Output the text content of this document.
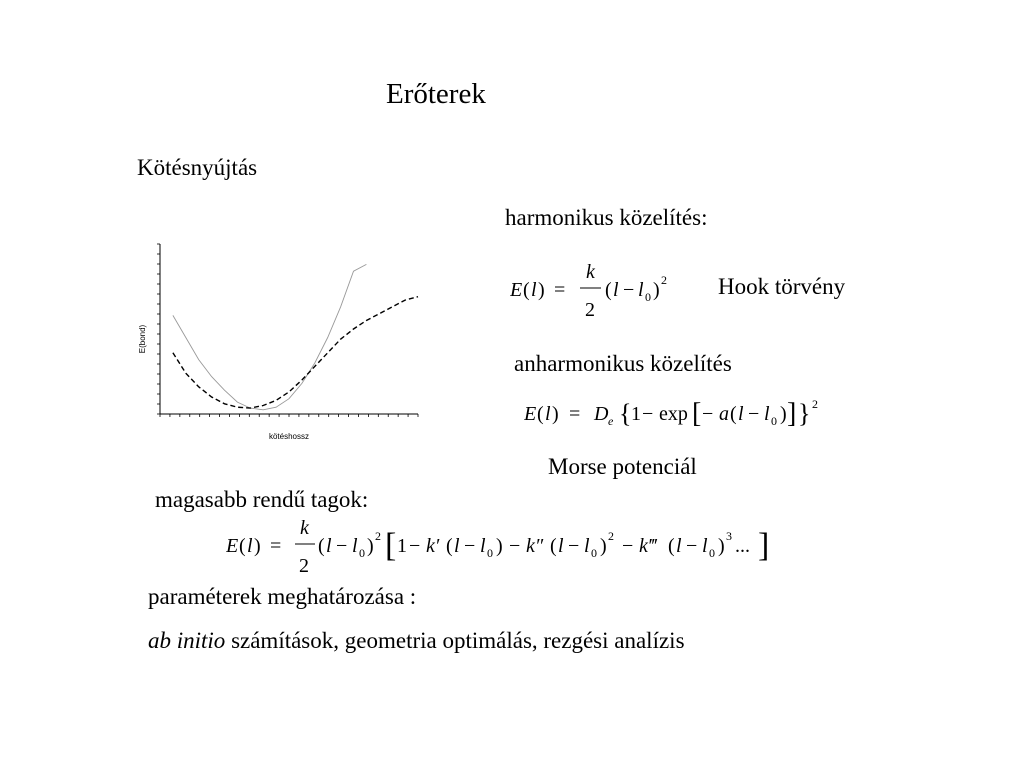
Erőterek
Kötésnyújtás
harmonikus közelítés:
anharmonikus közelítés
Hook törvény
Morse potenciál
magasabb rendű tagok:
paraméterek meghatározása :
ab initio számítások, geometria optimálás, rezgési analízis
E ( l ) =
k
2
( l − l 0 ) 2
E ( l ) = D e { 1 − exp [ − a ( l − l 0 ) ] } 2
E ( l ) =
k
2
( l − l 0 ) 2 [ 1 − k′ ( l − l 0 ) − k″ ( l − l 0 ) 2 − k‴ ( l − l 0 ) 3 ... ]
E(bond)
kötéshossz
